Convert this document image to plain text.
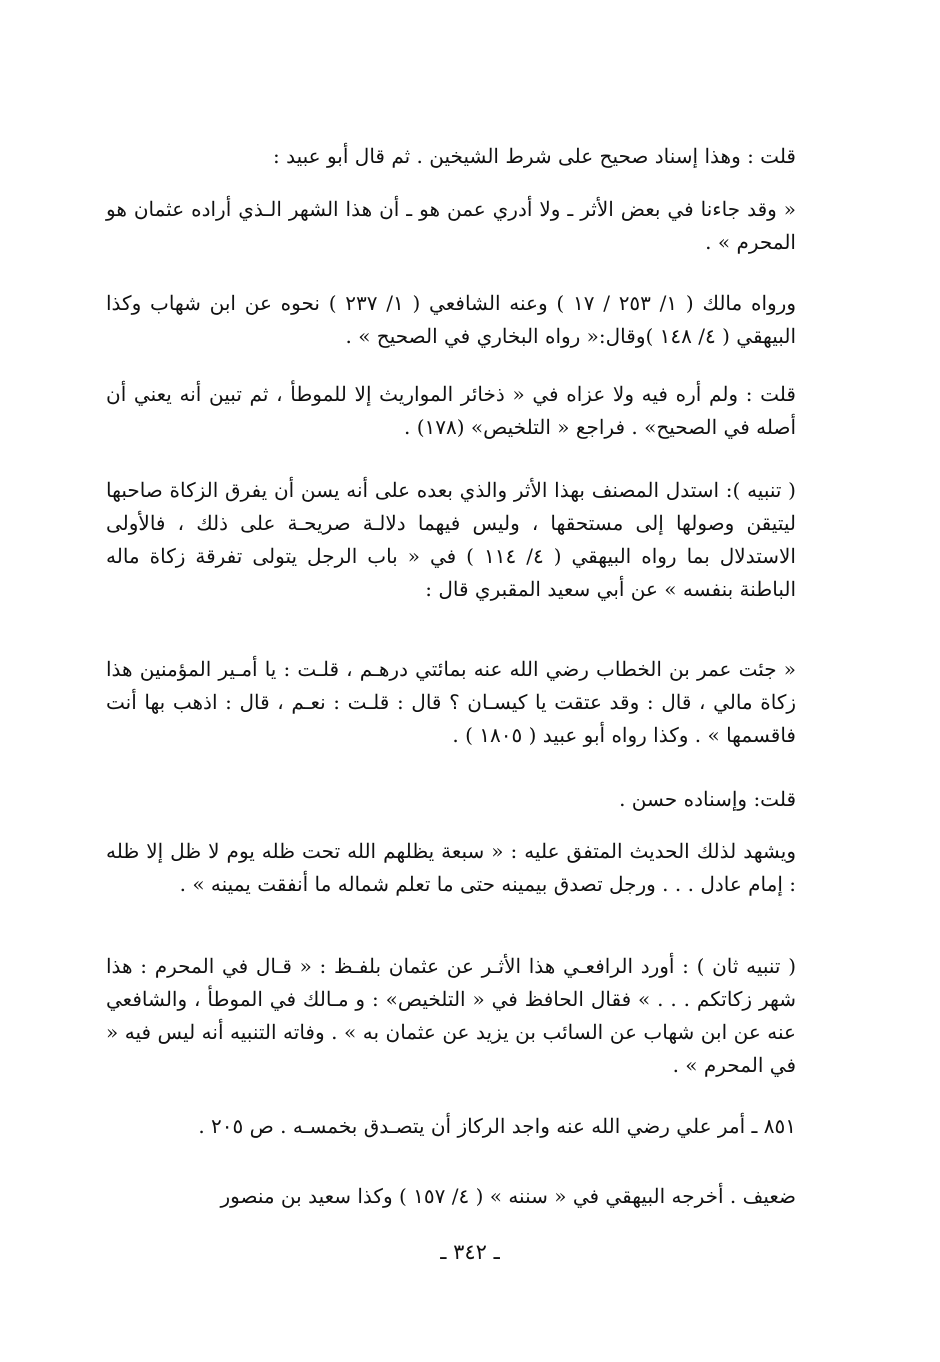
قلت : وهذا إسناد صحيح على شرط الشيخين . ثم قال أبو عبيد :

« وقد جاءنا في بعض الأثر ـ ولا أدري عمن هو ـ أن هذا الشهر الـذي أراده عثمان هو المحرم » .

ورواه مالك ( ١/ ٢٥٣ / ١٧ ) وعنه الشافعي ( ١/ ٢٣٧ ) نحوه عن ابن شهاب وكذا البيهقي ( ٤/ ١٤٨ )وقال:« رواه البخاري في الصحيح » .

قلت : ولم أره فيه ولا عزاه في « ذخائر المواريث إلا للموطأ ، ثم تبين أنه يعني أن أصله في الصحيح» . فراجع « التلخيص» (١٧٨) .

( تنبيه ): استدل المصنف بهذا الأثر والذي بعده على أنه يسن أن يفرق الزكاة صاحبها ليتيقن وصولها إلى مستحقها ، وليس فيهما دلالـة صريحـة على ذلك ، فالأولى الاستدلال بما رواه البيهقي ( ٤/ ١١٤ ) في « باب الرجل يتولى تفرقة زكاة ماله الباطنة بنفسه » عن أبي سعيد المقبري قال :

« جئت عمر بن الخطاب رضي الله عنه بمائتي درهـم ، قلـت : يا أمـير المؤمنين هذا زكاة مالي ، قال : وقد عتقت يا كيسـان ؟ قال : قلـت : نعـم ، قال : اذهب بها أنت فاقسمها » . وكذا رواه أبو عبيد ( ١٨٠٥ ) .

قلت: وإسناده حسن .

ويشهد لذلك الحديث المتفق عليه : « سبعة يظلهم الله تحت ظله يوم لا ظل إلا ظله : إمام عادل . . . ورجل تصدق بيمينه حتى ما تعلم شماله ما أنفقت يمينه » .

( تنبيه ثان ) : أورد الرافعـي هذا الأثـر عن عثمان بلفـظ : « قـال في المحرم : هذا شهر زكاتكم . . . » فقال الحافظ في « التلخيص» : و مـالك في الموطأ ، والشافعي عنه عن ابن شهاب عن السائب بن يزيد عن عثمان به » . وفاته التنبيه أنه ليس فيه « في المحرم » .

٨٥١ ـ أمر علي رضي الله عنه واجد الركاز أن يتصـدق بخمسـه . ص ٢٠٥ .

ضعيف . أخرجه البيهقي في « سننه » ( ٤/ ١٥٧ ) وكذا سعيد بن منصور

ـ ٣٤٢ ـ
